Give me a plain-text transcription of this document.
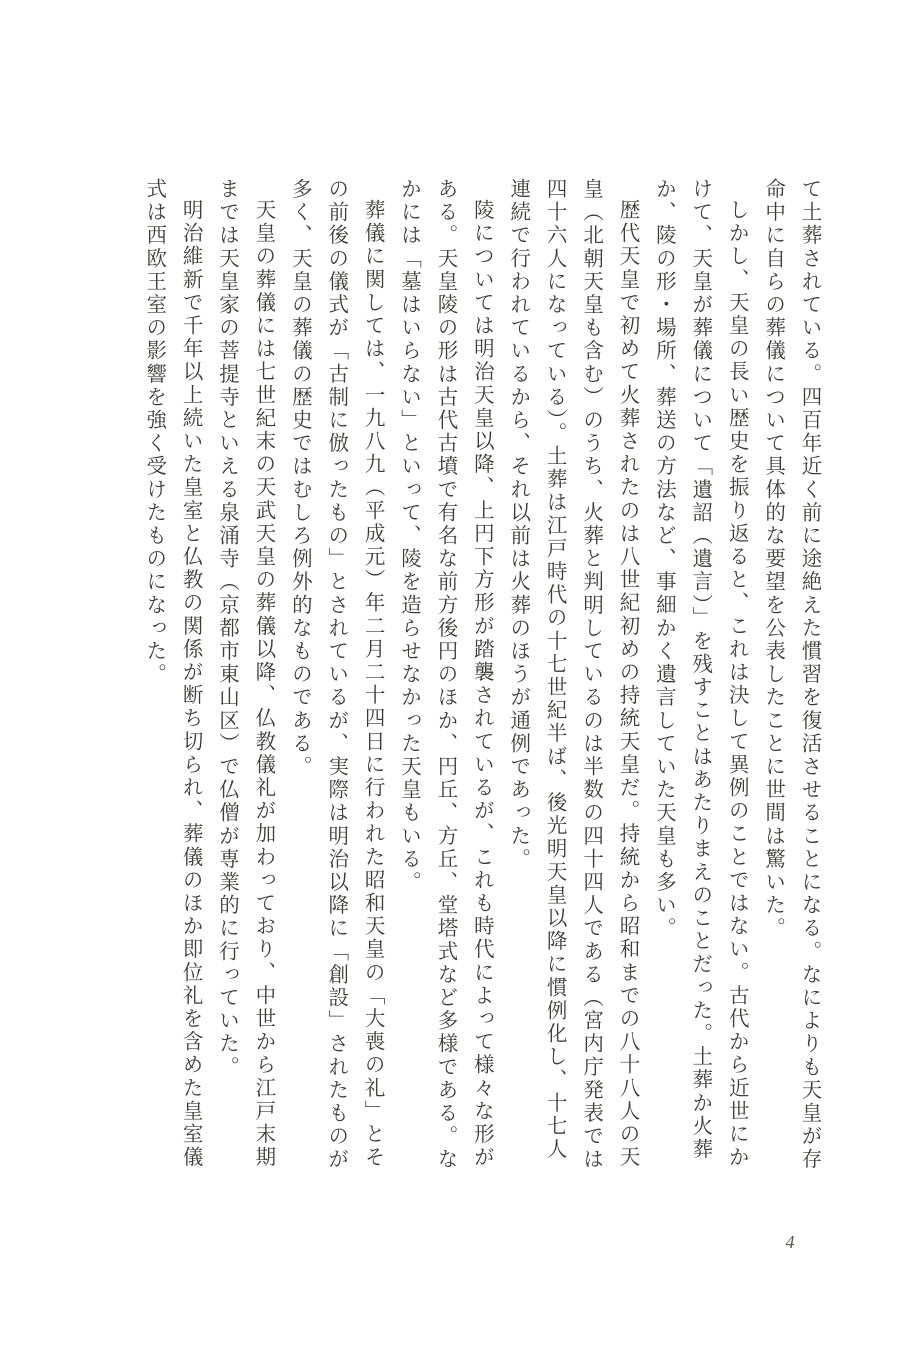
て土葬されている。四百年近く前に途絶えた慣習を復活させることになる。なによりも天皇が存命中に自らの葬儀について具体的な要望を公表したことに世間は驚いた。

しかし、天皇の長い歴史を振り返ると、これは決して異例のことではない。古代から近世にかけて、天皇が葬儀について「遺詔（遺言）」を残すことはあたりまえのことだった。土葬か火葬か、陵の形・場所、葬送の方法など、事細かく遺言していた天皇も多い。

歴代天皇で初めて火葬されたのは八世紀初めの持統天皇だ。持統から昭和までの八十八人の天皇（北朝天皇も含む）のうち、火葬と判明しているのは半数の四十四人である（宮内庁発表では四十六人になっている）。土葬は江戸時代の十七世紀半ば、後光明天皇以降に慣例化し、十七人連続で行われているから、それ以前は火葬のほうが通例であった。

陵については明治天皇以降、上円下方形が踏襲されているが、これも時代によって様々な形がある。天皇陵の形は古代古墳で有名な前方後円のほか、円丘、方丘、堂塔式など多様である。なかには「墓はいらない」といって、陵を造らせなかった天皇もいる。

葬儀に関しては、一九八九（平成元）年二月二十四日に行われた昭和天皇の「大喪の礼」とその前後の儀式が「古制に倣ったもの」とされているが、実際は明治以降に「創設」されたものが多く、天皇の葬儀の歴史ではむしろ例外的なものである。

天皇の葬儀には七世紀末の天武天皇の葬儀以降、仏教儀礼が加わっており、中世から江戸末期までは天皇家の菩提寺といえる泉涌寺（京都市東山区）で仏僧が専業的に行っていた。

明治維新で千年以上続いた皇室と仏教の関係が断ち切られ、葬儀のほか即位礼を含めた皇室儀式は西欧王室の影響を強く受けたものになった。

4
